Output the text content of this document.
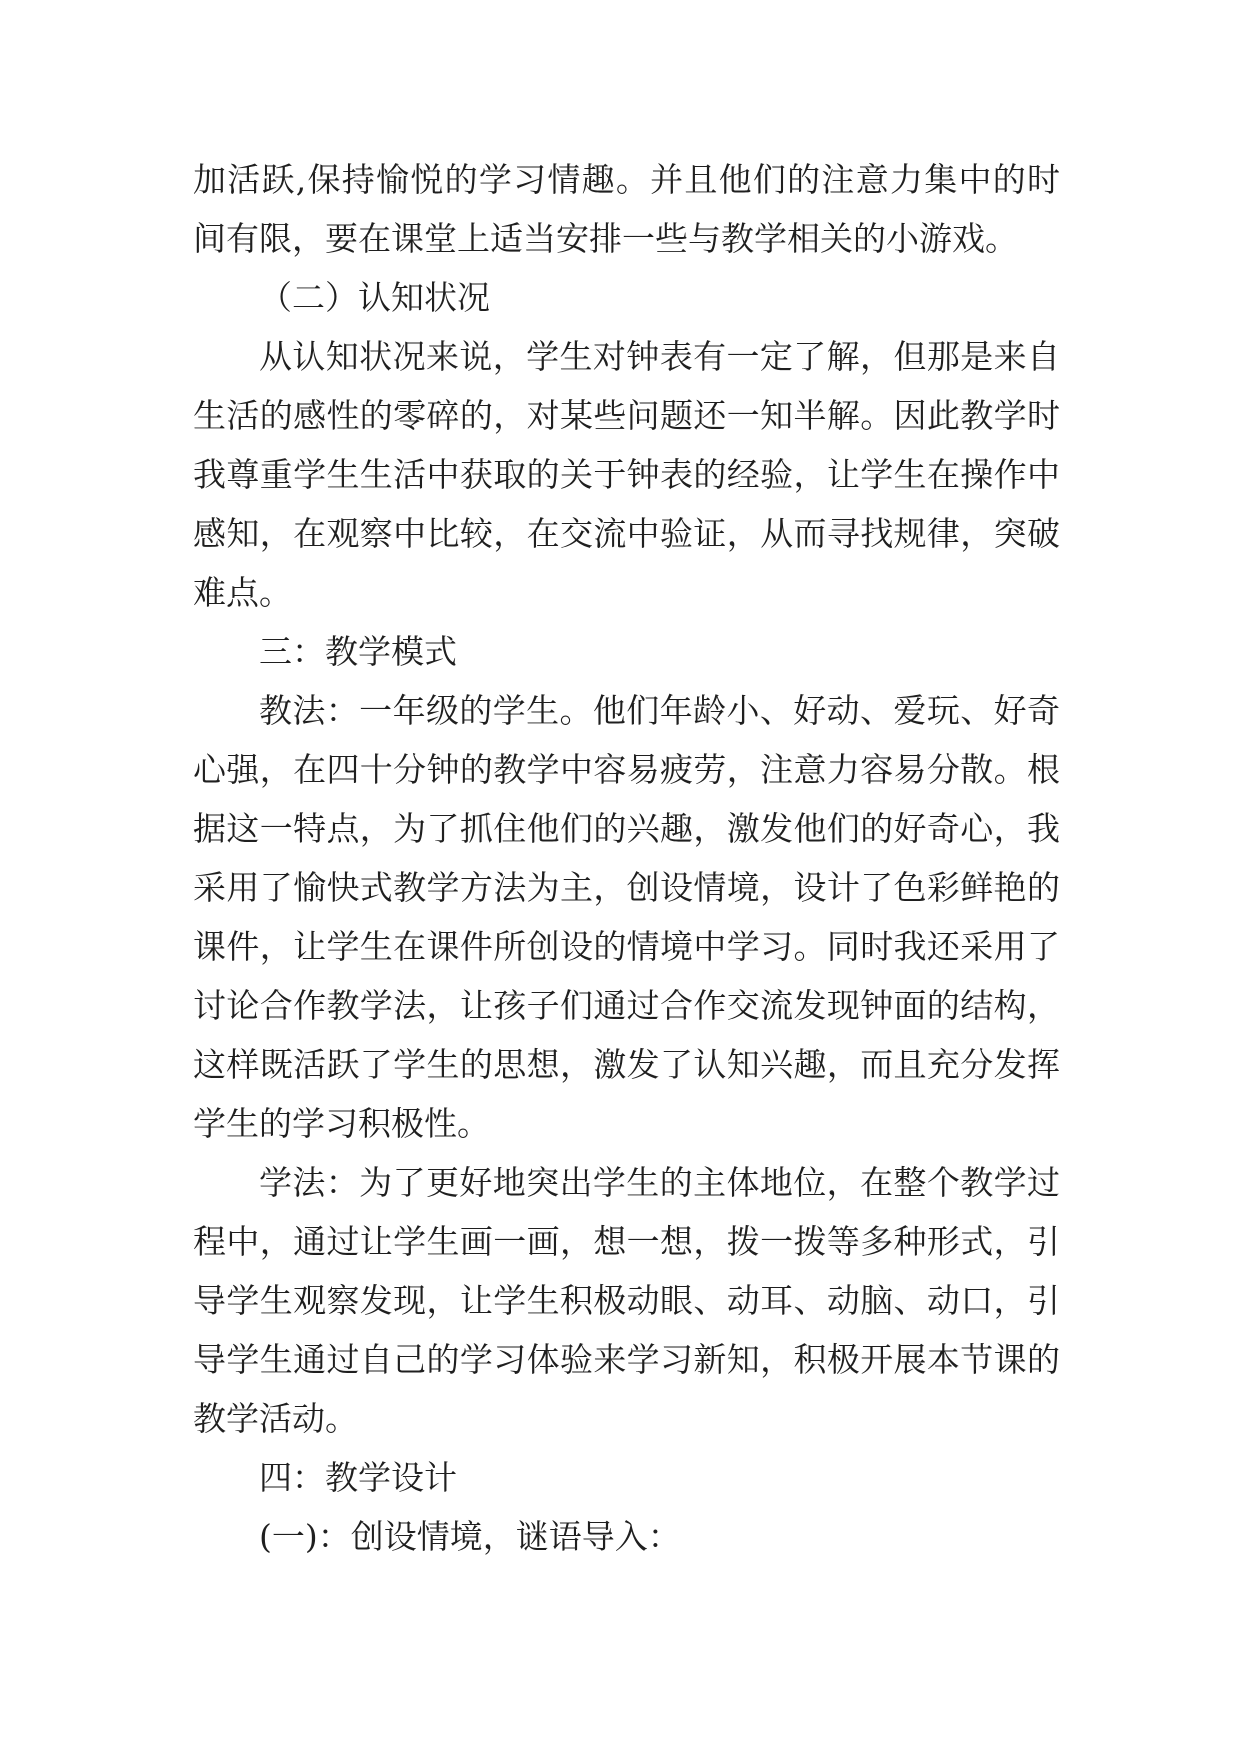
加活跃,保持愉悦的学习情趣。并且他们的注意力集中的时
间有限，要在课堂上适当安排一些与教学相关的小游戏。
（二）认知状况
从认知状况来说，学生对钟表有一定了解，但那是来自
生活的感性的零碎的，对某些问题还一知半解。因此教学时
我尊重学生生活中获取的关于钟表的经验，让学生在操作中
感知，在观察中比较，在交流中验证，从而寻找规律，突破
难点。
三：教学模式
教法：一年级的学生。他们年龄小、好动、爱玩、好奇
心强，在四十分钟的教学中容易疲劳，注意力容易分散。根
据这一特点，为了抓住他们的兴趣，激发他们的好奇心，我
采用了愉快式教学方法为主，创设情境，设计了色彩鲜艳的
课件，让学生在课件所创设的情境中学习。同时我还采用了
讨论合作教学法，让孩子们通过合作交流发现钟面的结构，
这样既活跃了学生的思想，激发了认知兴趣，而且充分发挥
学生的学习积极性。
学法：为了更好地突出学生的主体地位，在整个教学过
程中，通过让学生画一画，想一想，拨一拨等多种形式，引
导学生观察发现，让学生积极动眼、动耳、动脑、动口，引
导学生通过自己的学习体验来学习新知，积极开展本节课的
教学活动。
四：教学设计
(一)：创设情境，谜语导入：
